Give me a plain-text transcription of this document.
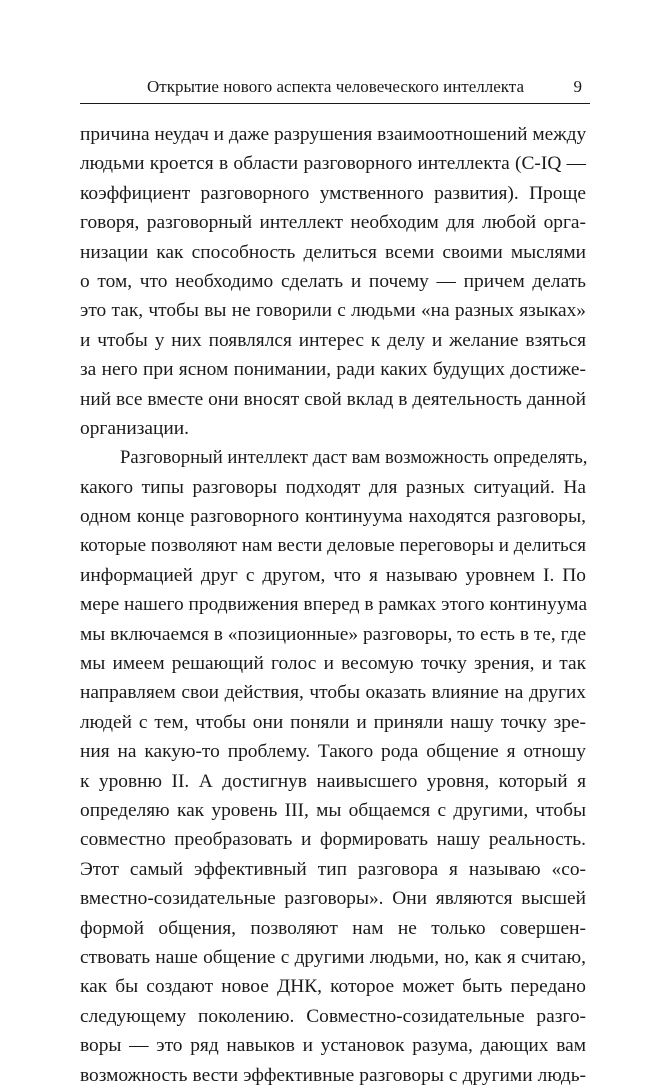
Открытие нового аспекта человеческого интеллекта	9
причина неудач и даже разрушения взаимоотношений между
людьми кроется в области разговорного интеллекта (C-IQ —
коэффициент разговорного умственного развития). Проще
говоря, разговорный интеллект необходим для любой орга-
низации как способность делиться всеми своими мыслями
о том, что необходимо сделать и почему — причем делать
это так, чтобы вы не говорили с людьми «на разных языках»
и чтобы у них появлялся интерес к делу и желание взяться
за него при ясном понимании, ради каких будущих достиже-
ний все вместе они вносят свой вклад в деятельность данной
организации.
Разговорный интеллект даст вам возможность определять,
какого типы разговоры подходят для разных ситуаций. На
одном конце разговорного континуума находятся разговоры,
которые позволяют нам вести деловые переговоры и делиться
информацией друг с другом, что я называю уровнем I. По
мере нашего продвижения вперед в рамках этого континуума
мы включаемся в «позиционные» разговоры, то есть в те, где
мы имеем решающий голос и весомую точку зрения, и так
направляем свои действия, чтобы оказать влияние на других
людей с тем, чтобы они поняли и приняли нашу точку зре-
ния на какую-то проблему. Такого рода общение я отношу
к уровню II. А достигнув наивысшего уровня, который я
определяю как уровень III, мы общаемся с другими, чтобы
совместно преобразовать и формировать нашу реальность.
Этот самый эффективный тип разговора я называю «со-
вместно-созидательные разговоры». Они являются высшей
формой общения, позволяют нам не только совершен-
ствовать наше общение с другими людьми, но, как я считаю,
как бы создают новое ДНК, которое может быть передано
следующему поколению. Совместно-созидательные разго-
воры — это ряд навыков и установок разума, дающих вам
возможность вести эффективные разговоры с другими людь-
